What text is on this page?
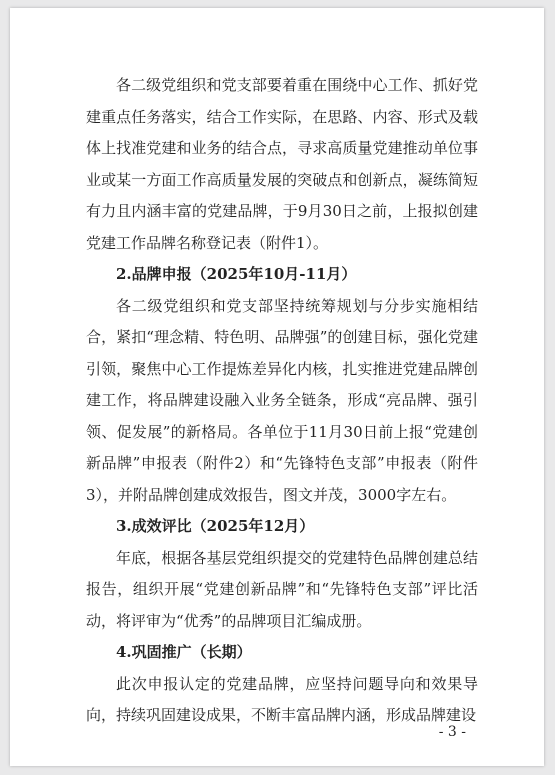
各二级党组织和党支部要着重在围绕中心工作、抓好党建重点任务落实，结合工作实际，在思路、内容、形式及载体上找准党建和业务的结合点，寻求高质量党建推动单位事业或某一方面工作高质量发展的突破点和创新点，凝练简短有力且内涵丰富的党建品牌，于9月30日之前，上报拟创建党建工作品牌名称登记表（附件1）。

2.品牌申报（2025年10月-11月）

各二级党组织和党支部坚持统筹规划与分步实施相结合，紧扣“理念精、特色明、品牌强”的创建目标，强化党建引领，聚焦中心工作提炼差异化内核，扎实推进党建品牌创建工作，将品牌建设融入业务全链条，形成“亮品牌、强引领、促发展”的新格局。各单位于11月30日前上报“党建创新品牌”申报表（附件2）和“先锋特色支部”申报表（附件3），并附品牌创建成效报告，图文并茂，3000字左右。

3.成效评比（2025年12月）

年底，根据各基层党组织提交的党建特色品牌创建总结报告，组织开展“党建创新品牌”和“先锋特色支部”评比活动，将评审为“优秀”的品牌项目汇编成册。

4.巩固推广（长期）

此次申报认定的党建品牌，应坚持问题导向和效果导向，持续巩固建设成果，不断丰富品牌内涵，形成品牌建设

- 3 -
